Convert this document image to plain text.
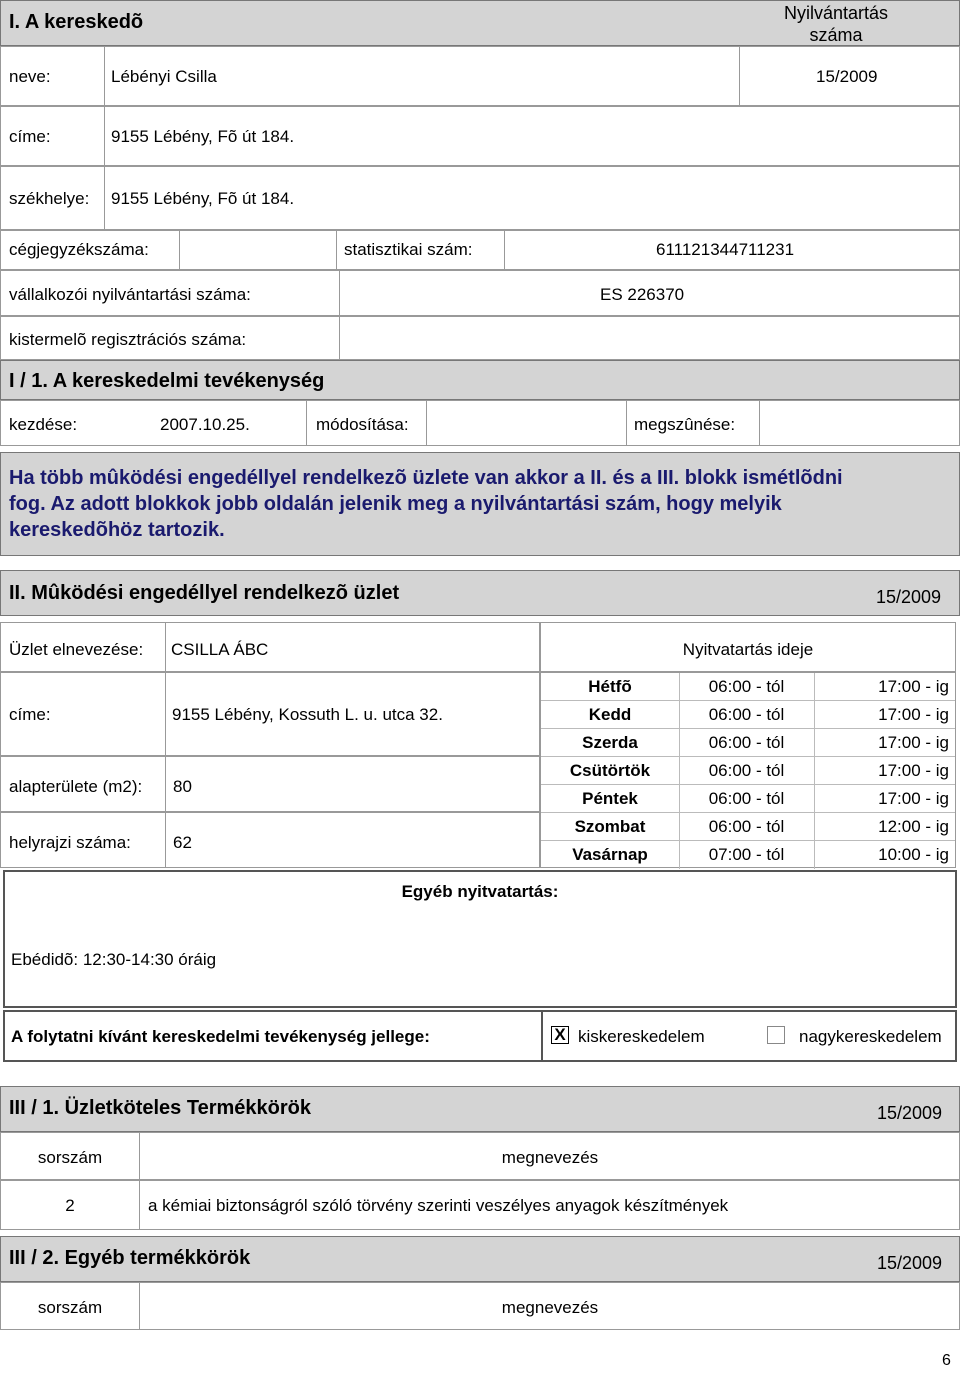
I. A kereskedõ	Nyilvántartás
száma
neve:	Lébényi Csilla	15/2009
címe:	9155 Lébény, Fõ út 184.
székhelye: 9155 Lébény, Fõ út 184.
cégjegyzékszáma:	statisztikai szám:	611121344711231
vállalkozói nyilvántartási száma:	ES 226370
kistermelõ regisztrációs száma:
I / 1. A kereskedelmi tevékenység
kezdése:	2007.10.25.	módosítása:	megszûnése:
Ha több mûködési engedéllyel rendelkezõ üzlete van akkor a II. és a III. blokk ismétlõdni
fog. Az adott blokkok jobb oldalán jelenik meg a nyilvántartási szám, hogy melyik
kereskedõhöz tartozik.
II. Mûködési engedéllyel rendelkezõ üzlet	15/2009
Üzlet elnevezése: CSILLA ÁBC	Nyitvatartás ideje
címe:	9155 Lébény, Kossuth L. u. utca 32.
alapterülete (m2): 80
helyrajzi száma: 62
Hétfõ	06:00 - tól	17:00 - ig
Kedd	06:00 - tól	17:00 - ig
Szerda	06:00 - tól	17:00 - ig
Csütörtök	06:00 - tól	17:00 - ig
Péntek	06:00 - tól	17:00 - ig
Szombat	06:00 - tól	12:00 - ig
Vasárnap	07:00 - tól	10:00 - ig
Egyéb nyitvatartás:
Ebédidõ: 12:30-14:30 óráig
A folytatni kívánt kereskedelmi tevékenység jellege:	X kiskereskedelem	nagykereskedelem
III / 1. Üzletköteles Termékkörök	15/2009
sorszám	megnevezés
2	a kémiai biztonságról szóló törvény szerinti veszélyes anyagok készítmények
III / 2. Egyéb termékkörök	15/2009
sorszám	megnevezés
6
